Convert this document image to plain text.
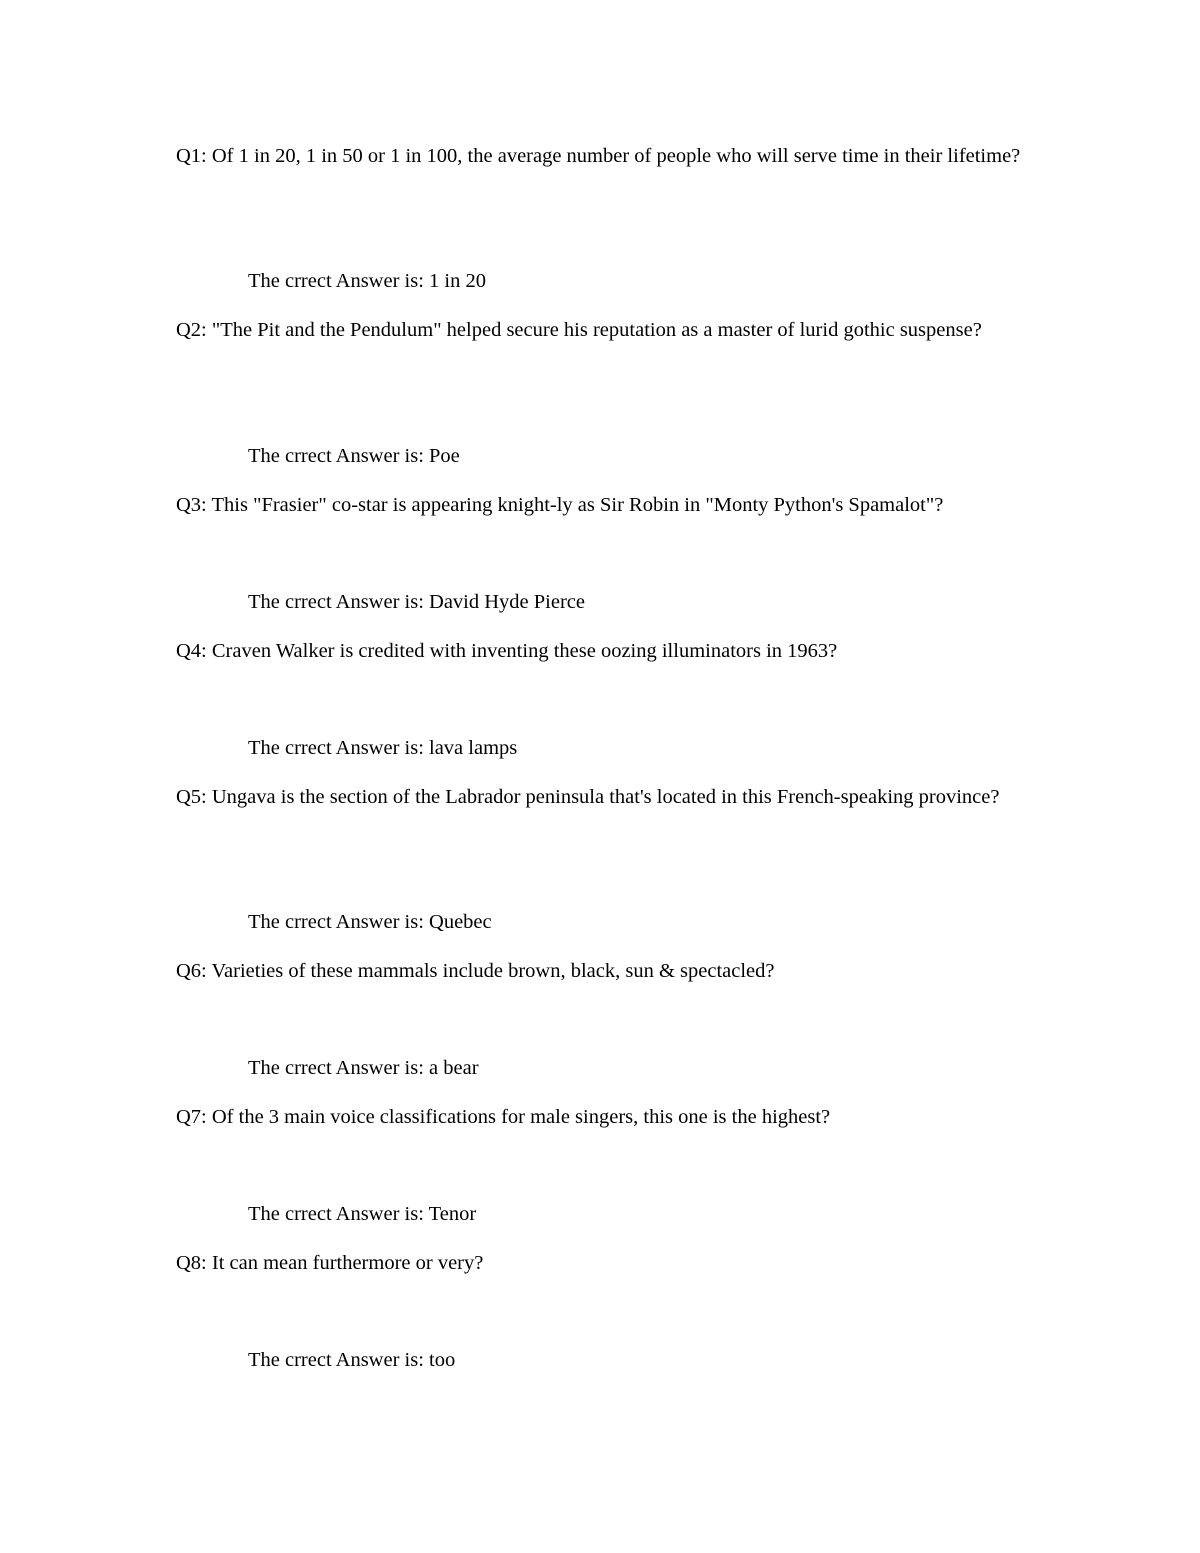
Q1: Of 1 in 20, 1 in 50 or 1 in 100, the average number of people who will serve time in their lifetime?

The crrect Answer is: 1 in 20

Q2: "The Pit and the Pendulum" helped secure his reputation as a master of lurid gothic suspense?

The crrect Answer is: Poe

Q3: This "Frasier" co-star is appearing knight-ly as Sir Robin in "Monty Python's Spamalot"?

The crrect Answer is: David Hyde Pierce

Q4: Craven Walker is credited with inventing these oozing illuminators in 1963?

The crrect Answer is: lava lamps

Q5: Ungava is the section of the Labrador peninsula that's located in this French-speaking province?

The crrect Answer is: Quebec

Q6: Varieties of these mammals include brown, black, sun & spectacled?

The crrect Answer is: a bear

Q7: Of the 3 main voice classifications for male singers, this one is the highest?

The crrect Answer is: Tenor

Q8: It can mean furthermore or very?

The crrect Answer is: too
